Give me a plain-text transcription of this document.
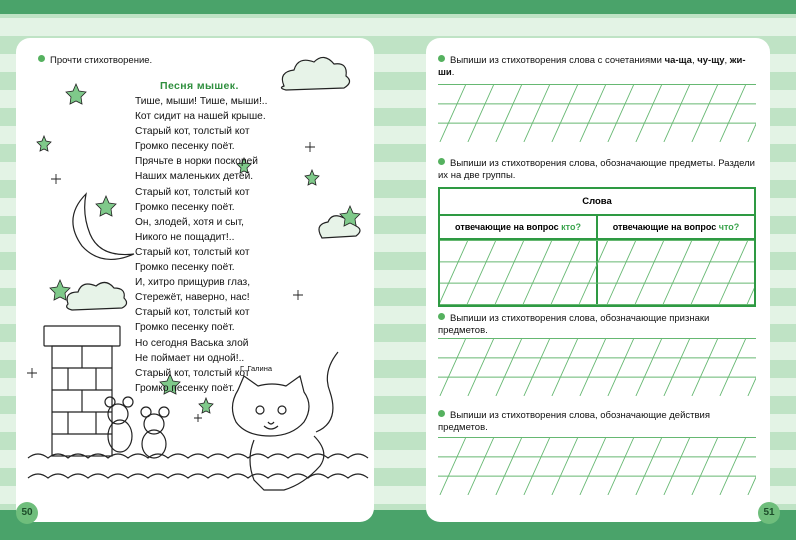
Прочти стихотворение.
Песня мышек.
Тише, мыши! Тише, мыши!..
Кот сидит на нашей крыше.
Старый кот, толстый кот
Громко песенку поёт.
Прячьте в норки поскорей
Наших маленьких детей.
Старый кот, толстый кот
Громко песенку поёт.
Он, злодей, хотя и сыт,
Никого не пощадит!..
Старый кот, толстый кот
Громко песенку поёт.
И, хитро прищурив глаз,
Стережёт, наверно, нас!
Старый кот, толстый кот
Громко песенку поёт.
Но сегодня Васька злой
Не поймает ни одной!..
Старый кот, толстый кот
Громко песенку поёт.
Г. Галина
50
Выпиши из стихотворения слова с сочетаниями ча-ща, чу-щу, жи-ши.
Выпиши из стихотворения слова, обозначающие предметы. Раздели их на две группы.
Слова
отвечающие на вопрос кто?	отвечающие на вопрос что?
Выпиши из стихотворения слова, обозначающие признаки предметов.
Выпиши из стихотворения слова, обозначающие действия предметов.
51
